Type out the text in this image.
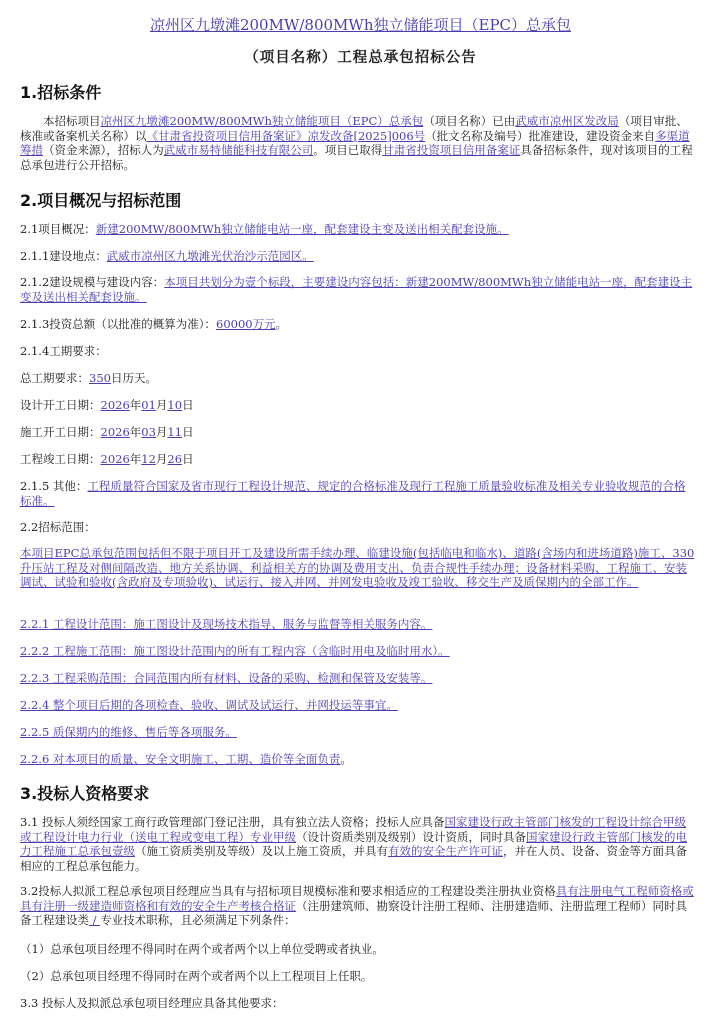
凉州区九墩滩200MW/800MWh独立储能项目（EPC）总承包
（项目名称）工程总承包招标公告
1.招标条件
本招标项目凉州区九墩滩200MW/800MWh独立储能项目（EPC）总承包（项目名称）已由武威市凉州区发改局（项目审批、核准或备案机关名称）以《甘肃省投资项目信用备案证》凉发改备[2025]006号（批文名称及编号）批准建设，建设资金来自多渠道筹措（资金来源），招标人为武威市易特储能科技有限公司。项目已取得甘肃省投资项目信用备案证具备招标条件，现对该项目的工程总承包进行公开招标。
2.项目概况与招标范围
2.1项目概况：新建200MW/800MWh独立储能电站一座，配套建设主变及送出相关配套设施。
2.1.1建设地点：武威市凉州区九墩滩光伏治沙示范园区。
2.1.2建设规模与建设内容：本项目共划分为壹个标段，主要建设内容包括：新建200MW/800MWh独立储能电站一座，配套建设主变及送出相关配套设施。
2.1.3投资总额（以批准的概算为准）：60000万元。
2.1.4工期要求：
总工期要求：350日历天。
设计开工日期：2026年01月10日
施工开工日期：2026年03月11日
工程竣工日期：2026年12月26日
2.1.5 其他：工程质量符合国家及省市现行工程设计规范、规定的合格标准及现行工程施工质量验收标准及相关专业验收规范的合格标准。
2.2招标范围：
本项目EPC总承包范围包括但不限于项目开工及建设所需手续办理、临建设施(包括临电和临水)、道路(含场内和进场道路)施工、330升压站工程及对侧间隔改造、地方关系协调、利益相关方的协调及费用支出、负责合规性手续办理；设备材料采购、工程施工、安装调试、试验和验收(含政府及专项验收)、试运行、接入并网、并网发电验收及竣工验收、移交生产及质保期内的全部工作。
2.2.1 工程设计范围：施工图设计及现场技术指导、服务与监督等相关服务内容。
2.2.2 工程施工范围：施工图设计范围内的所有工程内容（含临时用电及临时用水）。
2.2.3 工程采购范围：合同范围内所有材料、设备的采购、检测和保管及安装等。
2.2.4 整个项目后期的各项检查、验收、调试及试运行、并网投运等事宜。
2.2.5 质保期内的维修、售后等各项服务。
2.2.6 对本项目的质量、安全文明施工、工期、造价等全面负责。
3.投标人资格要求
3.1 投标人须经国家工商行政管理部门登记注册，具有独立法人资格；投标人应具备国家建设行政主管部门核发的工程设计综合甲级或工程设计电力行业（送电工程或变电工程）专业甲级（设计资质类别及级别）设计资质，同时具备国家建设行政主管部门核发的电力工程施工总承包壹级（施工资质类别及等级）及以上施工资质，并具有有效的安全生产许可证，并在人员、设备、资金等方面具备相应的工程总承包能力。
3.2投标人拟派工程总承包项目经理应当具有与招标项目规模标准和要求相适应的工程建设类注册执业资格具有注册电气工程师资格或具有注册一级建造师资格和有效的安全生产考核合格证（注册建筑师、勘察设计注册工程师、注册建造师、注册监理工程师）同时具备工程建设类 / 专业技术职称，且必须满足下列条件：
（1）总承包项目经理不得同时在两个或者两个以上单位受聘或者执业。
（2）总承包项目经理不得同时在两个或者两个以上工程项目上任职。
3.3 投标人及拟派总承包项目经理应具备其他要求：
